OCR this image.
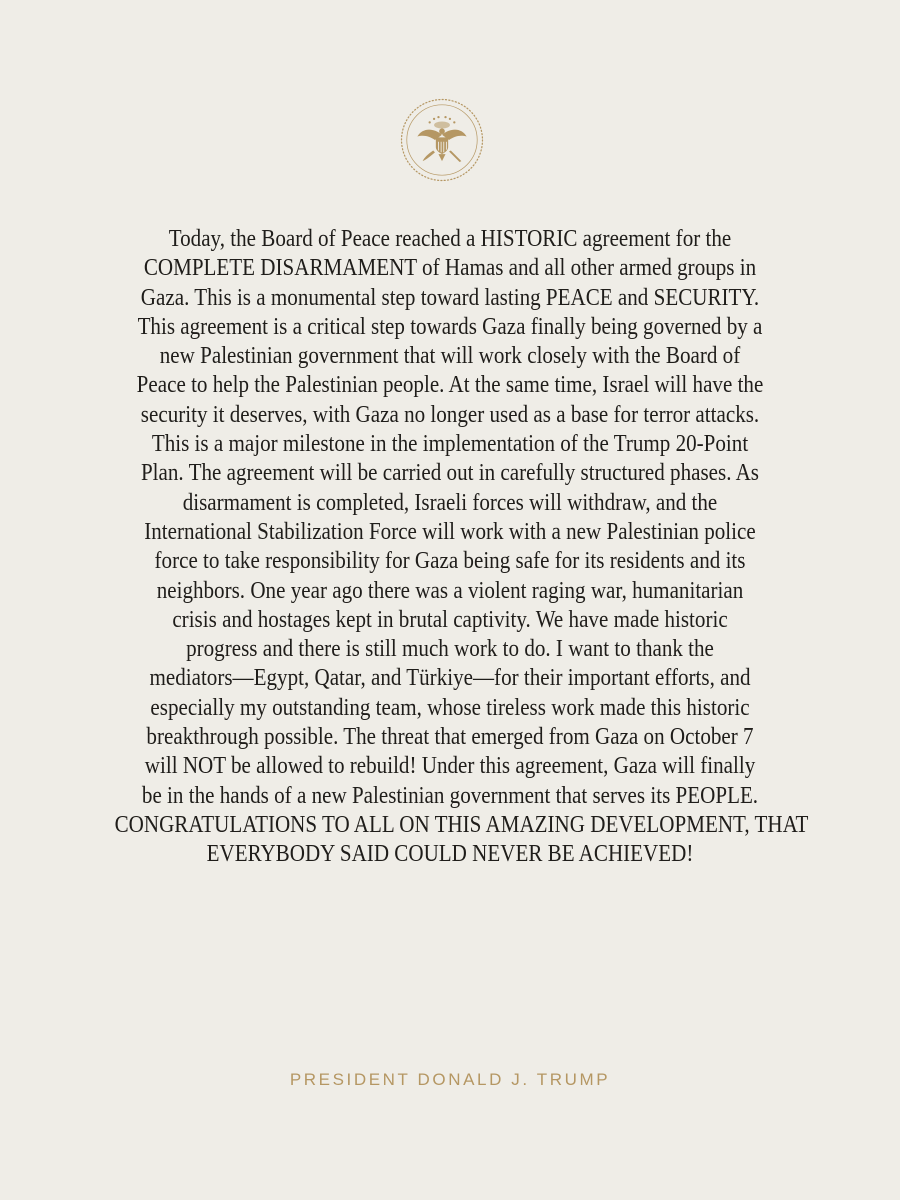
Today, the Board of Peace reached a HISTORIC agreement for the
COMPLETE DISARMAMENT of Hamas and all other armed groups in
Gaza. This is a monumental step toward lasting PEACE and SECURITY.
This agreement is a critical step towards Gaza finally being governed by a
new Palestinian government that will work closely with the Board of
Peace to help the Palestinian people. At the same time, Israel will have the
security it deserves, with Gaza no longer used as a base for terror attacks.
This is a major milestone in the implementation of the Trump 20-Point
Plan. The agreement will be carried out in carefully structured phases. As
disarmament is completed, Israeli forces will withdraw, and the
International Stabilization Force will work with a new Palestinian police
force to take responsibility for Gaza being safe for its residents and its
neighbors. One year ago there was a violent raging war, humanitarian
crisis and hostages kept in brutal captivity. We have made historic
progress and there is still much work to do. I want to thank the
mediators—Egypt, Qatar, and Türkiye—for their important efforts, and
especially my outstanding team, whose tireless work made this historic
breakthrough possible. The threat that emerged from Gaza on October 7
will NOT be allowed to rebuild! Under this agreement, Gaza will finally
be in the hands of a new Palestinian government that serves its PEOPLE.
CONGRATULATIONS TO ALL ON THIS AMAZING DEVELOPMENT, THAT
EVERYBODY SAID COULD NEVER BE ACHIEVED!
PRESIDENT DONALD J. TRUMP
